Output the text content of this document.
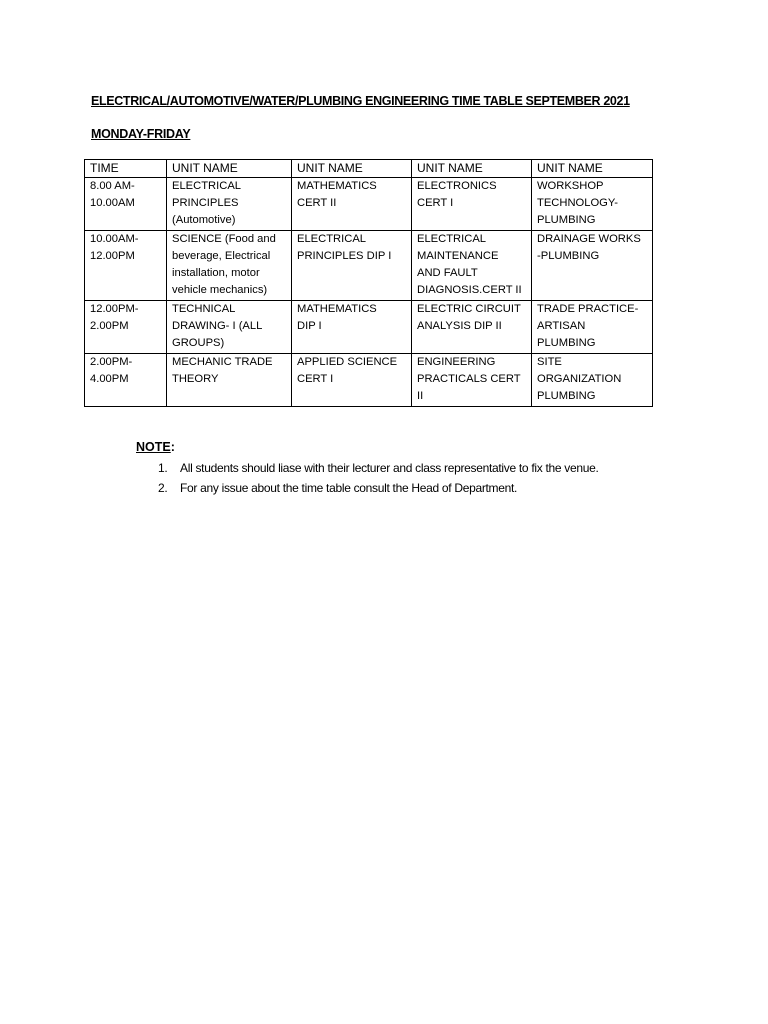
ELECTRICAL/AUTOMOTIVE/WATER/PLUMBING ENGINEERING TIME TABLE SEPTEMBER 2021
MONDAY-FRIDAY
TIME	UNIT NAME	UNIT NAME	UNIT NAME	UNIT NAME

8.00 AM-
10.00AM	ELECTRICAL
PRINCIPLES
(Automotive)	MATHEMATICS
CERT II	ELECTRONICS
CERT I	WORKSHOP
TECHNOLOGY-
PLUMBING

10.00AM-
12.00PM	SCIENCE (Food and
beverage, Electrical
installation, motor
vehicle mechanics)	ELECTRICAL
PRINCIPLES DIP I	ELECTRICAL
MAINTENANCE
AND FAULT
DIAGNOSIS.CERT II	DRAINAGE WORKS
-PLUMBING

12.00PM-
2.00PM	TECHNICAL
DRAWING- I (ALL
GROUPS)	MATHEMATICS
DIP I	ELECTRIC CIRCUIT
ANALYSIS DIP II	TRADE PRACTICE-
ARTISAN
PLUMBING

2.00PM-
4.00PM	MECHANIC TRADE
THEORY	APPLIED SCIENCE
CERT I	ENGINEERING
PRACTICALS CERT
II	SITE
ORGANIZATION
PLUMBING
NOTE:
1. All students should liase with their lecturer and class representative to fix the venue.
2. For any issue about the time table consult the Head of Department.
